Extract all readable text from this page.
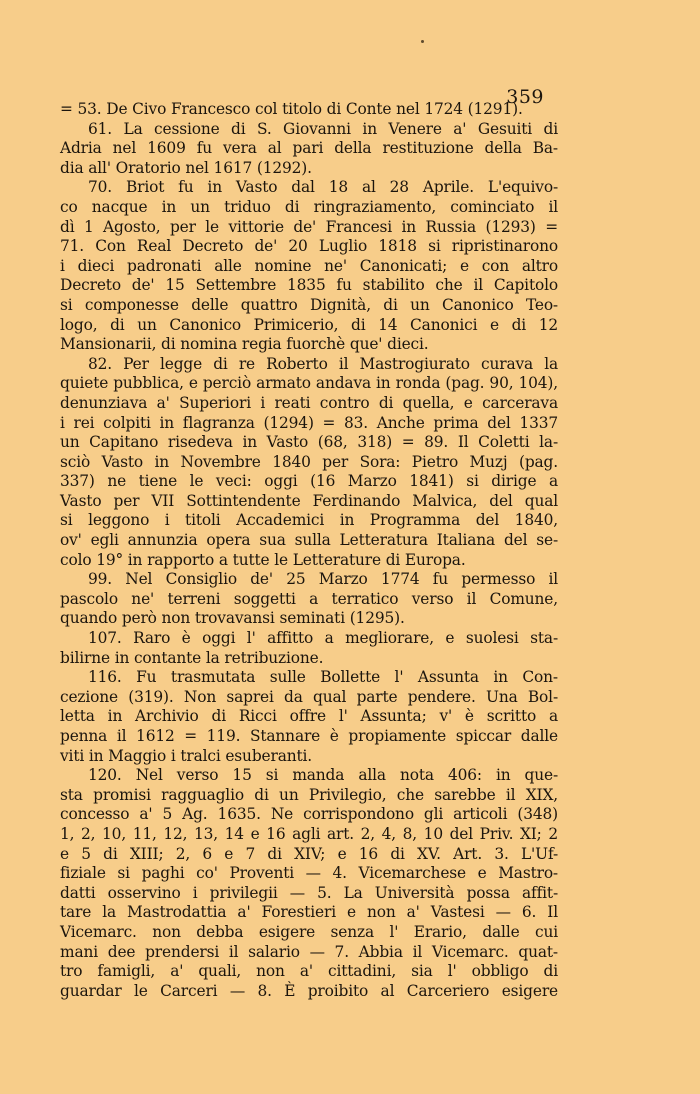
359
= 53. De Civo Francesco col titolo di Conte nel 1724 (1291).
61. La cessione di S. Giovanni in Venere a' Gesuiti di
Adria nel 1609 fu vera al pari della restituzione della Ba-
dia all' Oratorio nel 1617 (1292).
70. Briot fu in Vasto dal 18 al 28 Aprile. L'equivo-
co nacque in un triduo di ringraziamento, cominciato il
dì 1 Agosto, per le vittorie de' Francesi in Russia (1293) =
71. Con Real Decreto de' 20 Luglio 1818 si ripristinarono
i dieci padronati alle nomine ne' Canonicati; e con altro
Decreto de' 15 Settembre 1835 fu stabilito che il Capitolo
si componesse delle quattro Dignità, di un Canonico Teo-
logo, di un Canonico Primicerio, di 14 Canonici e di 12
Mansionarii, di nomina regia fuorchè que' dieci.
82. Per legge di re Roberto il Mastrogiurato curava la
quiete pubblica, e perciò armato andava in ronda (pag. 90, 104),
denunziava a' Superiori i reati contro di quella, e carcerava
i rei colpiti in flagranza (1294) = 83. Anche prima del 1337
un Capitano risedeva in Vasto (68, 318) = 89. Il Coletti la-
sciò Vasto in Novembre 1840 per Sora: Pietro Muzj (pag.
337) ne tiene le veci: oggi (16 Marzo 1841) si dirige a
Vasto per VII Sottintendente Ferdinando Malvica, del qual
si leggono i titoli Accademici in Programma del 1840,
ov' egli annunzia opera sua sulla Letteratura Italiana del se-
colo 19° in rapporto a tutte le Letterature di Europa.
99. Nel Consiglio de' 25 Marzo 1774 fu permesso il
pascolo ne' terreni soggetti a terratico verso il Comune,
quando però non trovavansi seminati (1295).
107. Raro è oggi l' affitto a megliorare, e suolesi sta-
bilirne in contante la retribuzione.
116. Fu trasmutata sulle Bollette l' Assunta in Con-
cezione (319). Non saprei da qual parte pendere. Una Bol-
letta in Archivio di Ricci offre l' Assunta; v' è scritto a
penna il 1612 = 119. Stannare è propiamente spiccar dalle
viti in Maggio i tralci esuberanti.
120. Nel verso 15 si manda alla nota 406: in que-
sta promisi ragguaglio di un Privilegio, che sarebbe il XIX,
concesso a' 5 Ag. 1635. Ne corrispondono gli articoli (348)
1, 2, 10, 11, 12, 13, 14 e 16 agli art. 2, 4, 8, 10 del Priv. XI; 2
e 5 di XIII; 2, 6 e 7 di XIV; e 16 di XV. Art. 3. L'Uf-
fiziale si paghi co' Proventi — 4. Vicemarchese e Mastro-
datti osservino i privilegii — 5. La Università possa affit-
tare la Mastrodattia a' Forestieri e non a' Vastesi — 6. Il
Vicemarc. non debba esigere senza l' Erario, dalle cui
mani dee prendersi il salario — 7. Abbia il Vicemarc. quat-
tro famigli, a' quali, non a' cittadini, sia l' obbligo di
guardar le Carceri — 8. È proibito al Carceriero esigere
